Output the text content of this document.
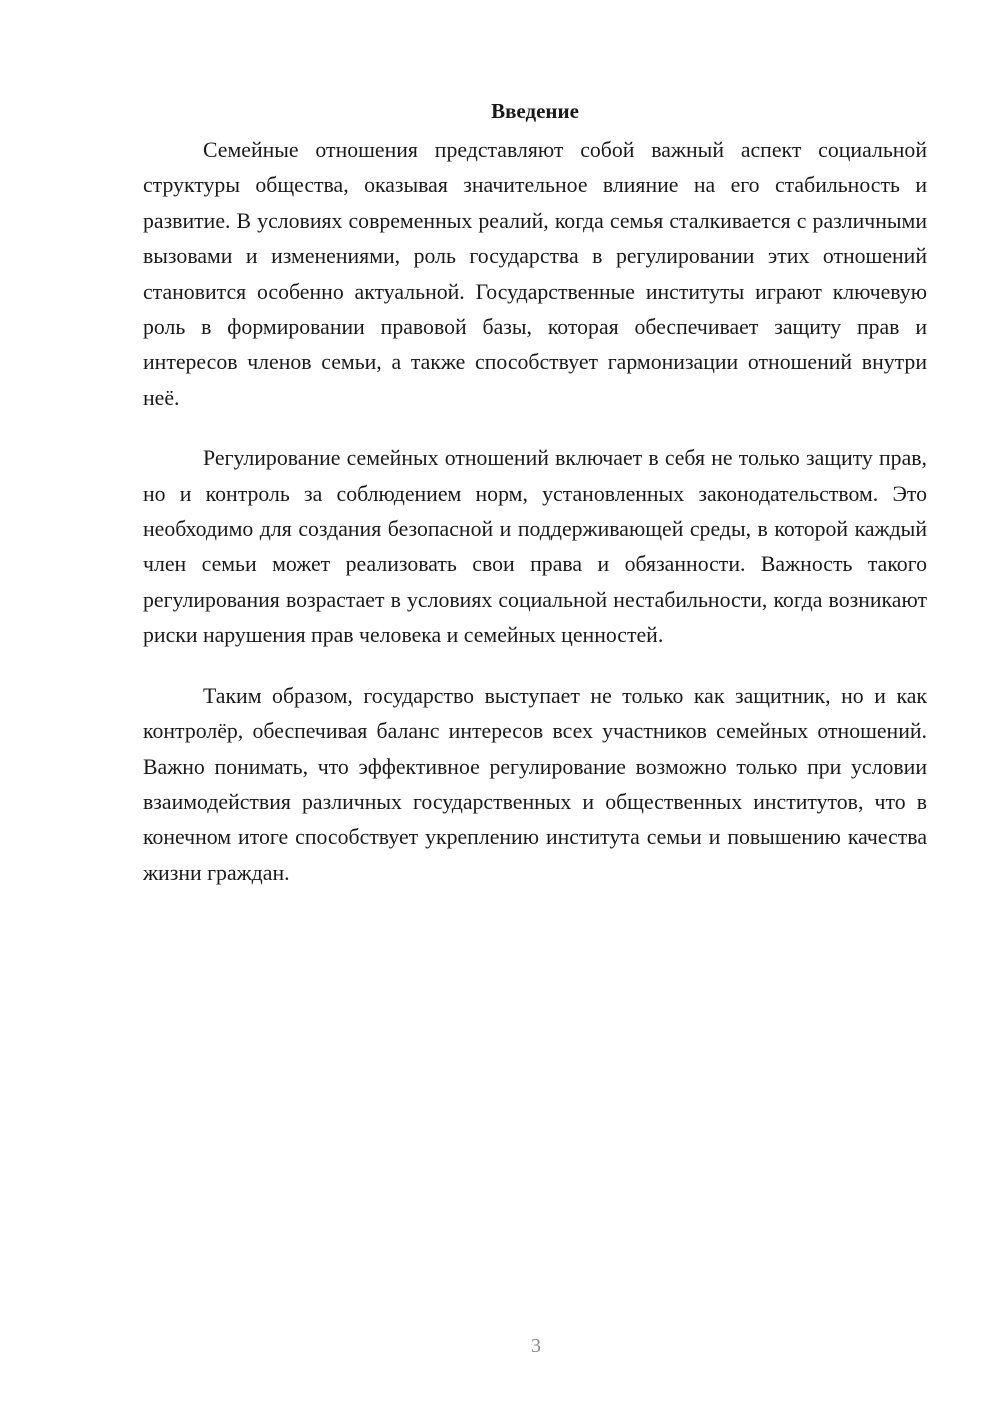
Введение

Семейные отношения представляют собой важный аспект социальной структуры общества, оказывая значительное влияние на его стабильность и развитие. В условиях современных реалий, когда семья сталкивается с различными вызовами и изменениями, роль государства в регулировании этих отношений становится особенно актуальной. Государственные институты играют ключевую роль в формировании правовой базы, которая обеспечивает защиту прав и интересов членов семьи, а также способствует гармонизации отношений внутри неё.

Регулирование семейных отношений включает в себя не только защиту прав, но и контроль за соблюдением норм, установленных законодательством. Это необходимо для создания безопасной и поддерживающей среды, в которой каждый член семьи может реализовать свои права и обязанности. Важность такого регулирования возрастает в условиях социальной нестабильности, когда возникают риски нарушения прав человека и семейных ценностей.

Таким образом, государство выступает не только как защитник, но и как контролёр, обеспечивая баланс интересов всех участников семейных отношений. Важно понимать, что эффективное регулирование возможно только при условии взаимодействия различных государственных и общественных институтов, что в конечном итоге способствует укреплению института семьи и повышению качества жизни граждан.

3
